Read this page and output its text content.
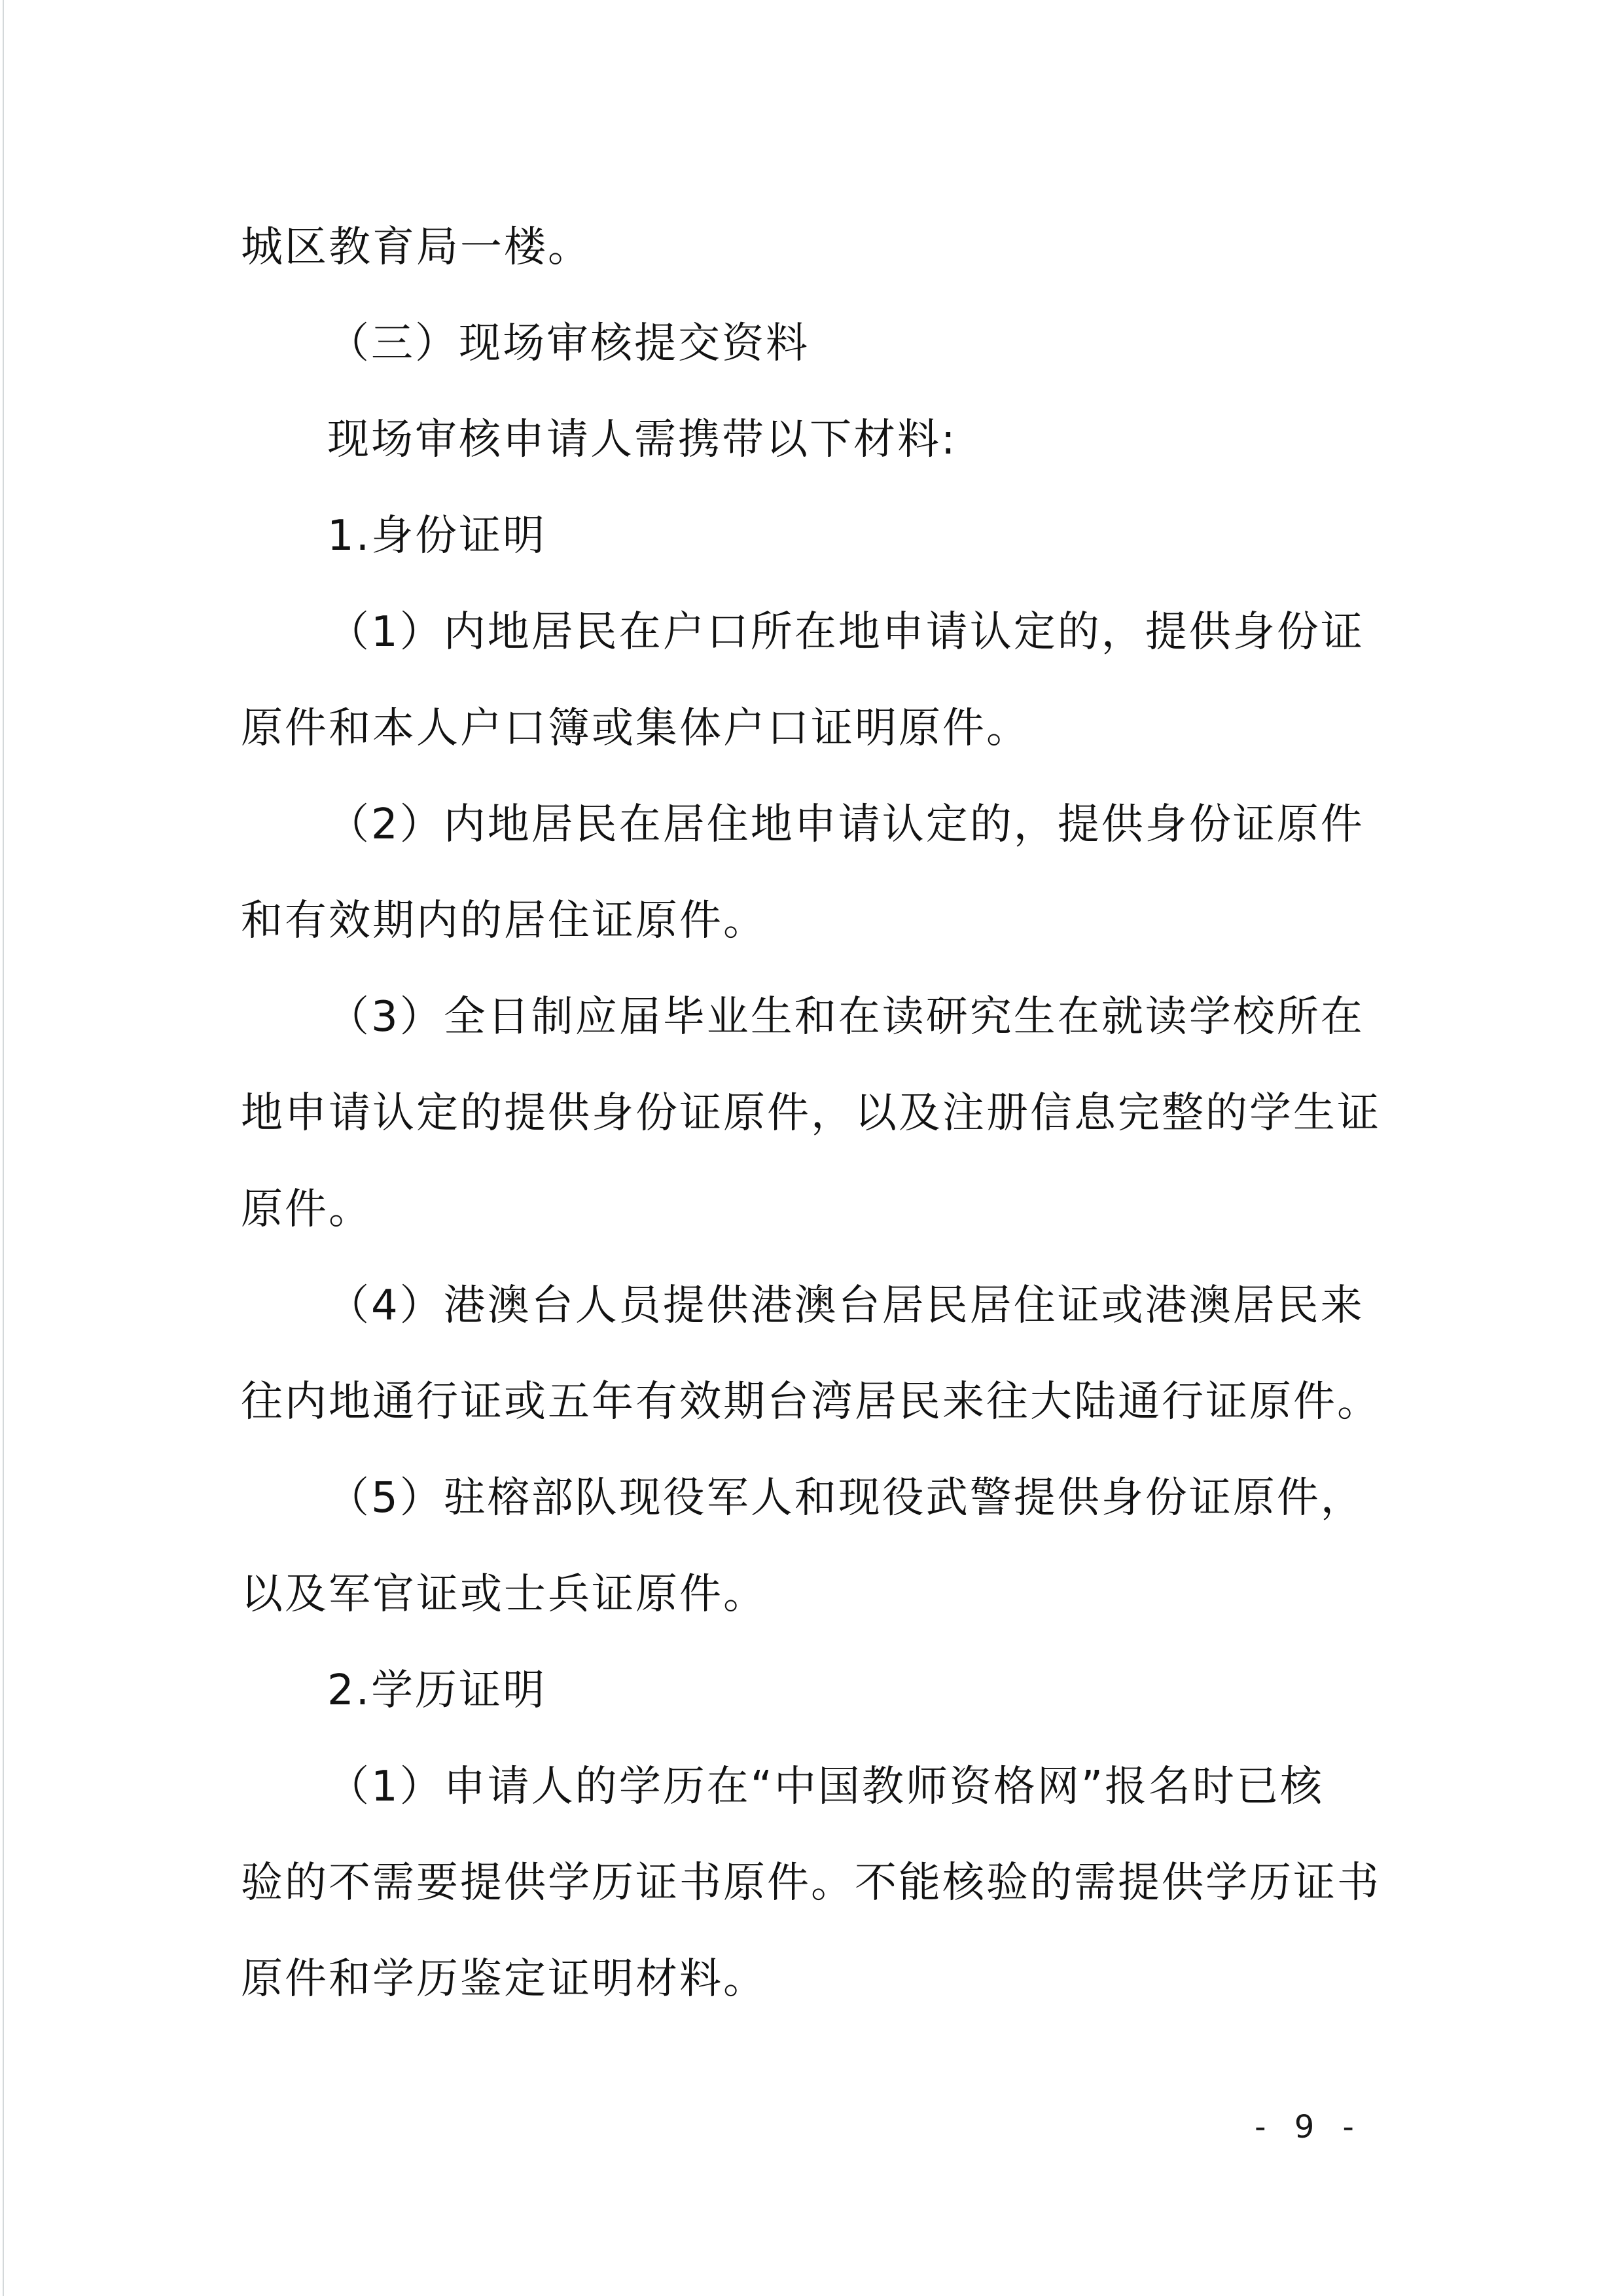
城区教育局一楼。

（三）现场审核提交资料

现场审核申请人需携带以下材料:

1.身份证明

（1）内地居民在户口所在地申请认定的，提供身份证

原件和本人户口簿或集体户口证明原件。

（2）内地居民在居住地申请认定的，提供身份证原件

和有效期内的居住证原件。

（3）全日制应届毕业生和在读研究生在就读学校所在

地申请认定的提供身份证原件，以及注册信息完整的学生证

原件。

（4）港澳台人员提供港澳台居民居住证或港澳居民来

往内地通行证或五年有效期台湾居民来往大陆通行证原件。

（5）驻榕部队现役军人和现役武警提供身份证原件，

以及军官证或士兵证原件。

2.学历证明

（1）申请人的学历在“中国教师资格网”报名时已核

验的不需要提供学历证书原件。不能核验的需提供学历证书

原件和学历鉴定证明材料。

- 9 -
